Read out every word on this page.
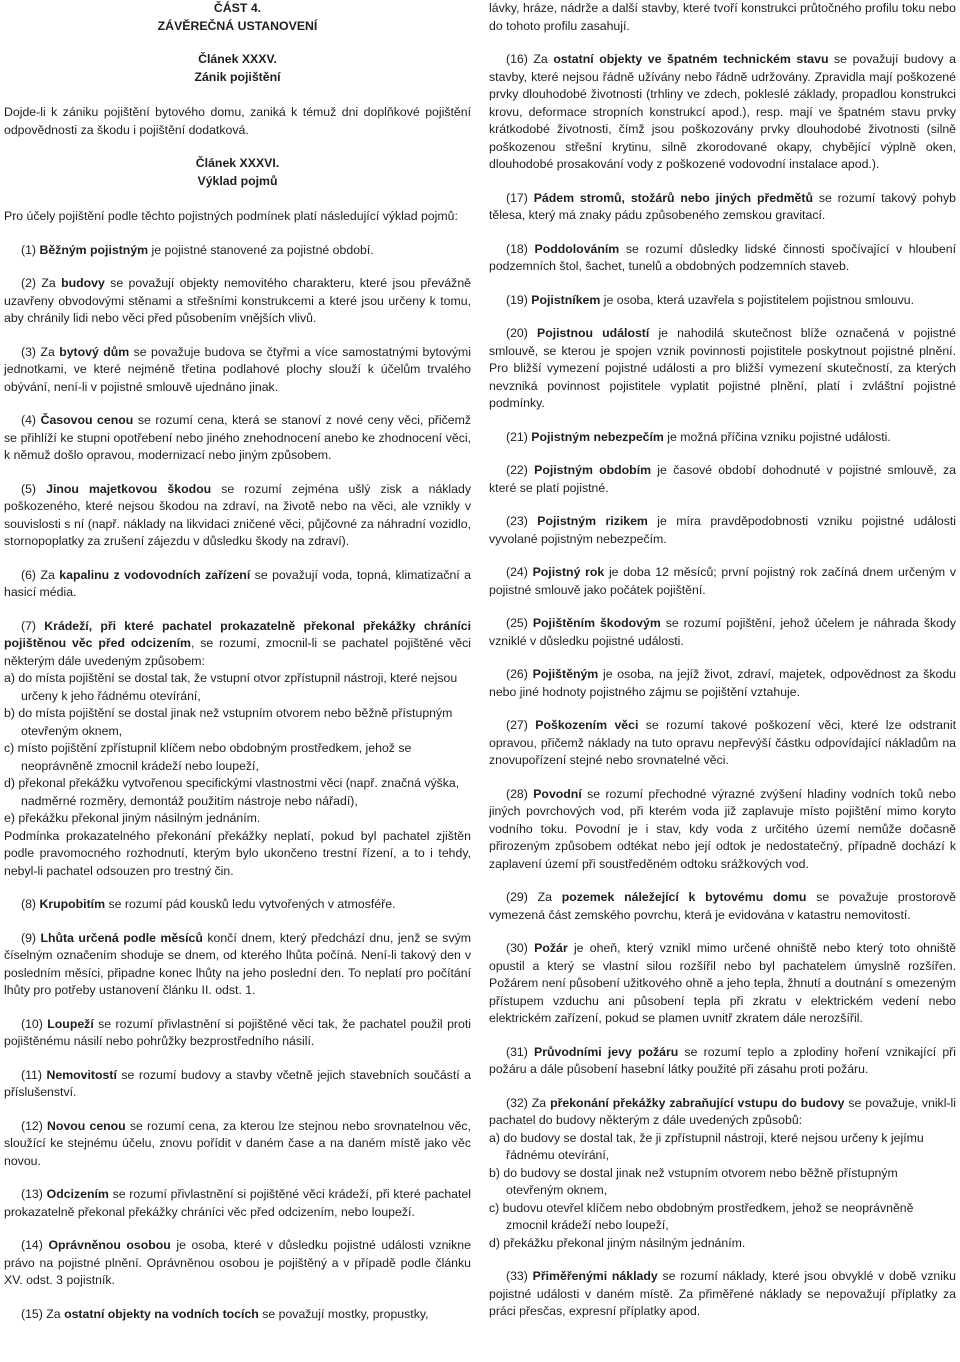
ČÁST 4.

ZÁVĚREČNÁ USTANOVENÍ

Článek XXXV.

Zánik pojištění

Dojde-li k zániku pojištění bytového domu, zaniká k témuž dni doplňkové pojištění odpovědnosti za škodu i pojištění dodatková.

Článek XXXVI.

Výklad pojmů

Pro účely pojištění podle těchto pojistných podmínek platí následující výklad pojmů:

(1) Běžným pojistným je pojistné stanovené za pojistné období.

(2) Za budovy se považují objekty nemovitého charakteru, které jsou převážně uzavřeny obvodovými stěnami a střešními konstrukcemi a které jsou určeny k tomu, aby chránily lidi nebo věci před působením vnějších vlivů.

(3) Za bytový dům se považuje budova se čtyřmi a více samostatnými bytovými jednotkami, ve které nejméně třetina podlahové plochy slouží k účelům trvalého obývání, není-li v pojistné smlouvě ujednáno jinak.

(4) Časovou cenou se rozumí cena, která se stanoví z nové ceny věci, přičemž se přihlíží ke stupni opotřebení nebo jiného znehodnocení anebo ke zhodnocení věci, k němuž došlo opravou, modernizací nebo jiným způsobem.

(5) Jinou majetkovou škodou se rozumí zejména ušlý zisk a náklady poškozeného, které nejsou škodou na zdraví, na životě nebo na věci, ale vznikly v souvislosti s ní (např. náklady na likvidaci zničené věci, půjčovné za náhradní vozidlo, stornopoplatky za zrušení zájezdu v důsledku škody na zdraví).

(6) Za kapalinu z vodovodních zařízení se považují voda, topná, klimatizační a hasicí média.

(7) Krádeží, při které pachatel prokazatelně překonal překážky chráníci pojištěnou věc před odcizením, se rozumí, zmocnil-li se pachatel pojištěné věci některým dále uvedeným způsobem:

a) do místa pojištění se dostal tak, že vstupní otvor zpřístupnil nástroji, které nejsou určeny k jeho řádnému otevírání,

b) do místa pojištění se dostal jinak než vstupním otvorem nebo běžně přístupným otevřeným oknem,

c) místo pojištění zpřístupnil klíčem nebo obdobným prostředkem, jehož se neoprávněně zmocnil krádeží nebo loupeží,

d) překonal překážku vytvořenou specifickými vlastnostmi věci (např. značná výška, nadměrné rozměry, demontáž použitím nástroje nebo nářadí),

e) překážku překonal jiným násilným jednáním.

Podmínka prokazatelného překonání překážky neplatí, pokud byl pachatel zjištěn podle pravomocného rozhodnutí, kterým bylo ukončeno trestní řízení, a to i tehdy, nebyl-li pachatel odsouzen pro trestný čin.

(8) Krupobitím se rozumí pád kousků ledu vytvořených v atmosféře.

(9) Lhůta určená podle měsíců končí dnem, který předchází dnu, jenž se svým číselným označením shoduje se dnem, od kterého lhůta počíná. Není-li takový den v posledním měsíci, připadne konec lhůty na jeho poslední den. To neplatí pro počítání lhůty pro potřeby ustanovení článku II. odst. 1.

(10) Loupeží se rozumí přivlastnění si pojištěné věci tak, že pachatel použil proti pojištěnému násilí nebo pohrůžky bezprostředního násilí.

(11) Nemovitostí se rozumí budovy a stavby včetně jejich stavebních součástí a příslušenství.

(12) Novou cenou se rozumí cena, za kterou lze stejnou nebo srovnatelnou věc, sloužící ke stejnému účelu, znovu pořídit v daném čase a na daném místě jako věc novou.

(13) Odcizením se rozumí přivlastnění si pojištěné věci krádeží, při které pachatel prokazatelně překonal překážky chráníci věc před odcizením, nebo loupeží.

(14) Oprávněnou osobou je osoba, které v důsledku pojistné události vznikne právo na pojistné plnění. Oprávněnou osobou je pojištěný a v případě podle článku XV. odst. 3 pojistník.

(15) Za ostatní objekty na vodních tocích se považují mostky, propustky,

lávky, hráze, nádrže a další stavby, které tvoří konstrukci průtočného profilu toku nebo do tohoto profilu zasahují.

(16) Za ostatní objekty ve špatném technickém stavu se považují budovy a stavby, které nejsou řádně užívány nebo řádně udržovány. Zpravidla mají poškozené prvky dlouhodobé životnosti (trhliny ve zdech, pokleslé základy, propadlou konstrukci krovu, deformace stropních konstrukcí apod.), resp. mají ve špatném stavu prvky krátkodobé životnosti, čímž jsou poškozovány prvky dlouhodobé životnosti (silně poškozenou střešní krytinu, silně zkorodované okapy, chybějící výplně oken, dlouhodobé prosakování vody z poškozené vodovodní instalace apod.).

(17) Pádem stromů, stožárů nebo jiných předmětů se rozumí takový pohyb tělesa, který má znaky pádu způsobeného zemskou gravitací.

(18) Poddolováním se rozumí důsledky lidské činnosti spočívající v hloubení podzemních štol, šachet, tunelů a obdobných podzemních staveb.

(19) Pojistníkem je osoba, která uzavřela s pojistitelem pojistnou smlouvu.

(20) Pojistnou událostí je nahodilá skutečnost blíže označená v pojistné smlouvě, se kterou je spojen vznik povinnosti pojistitele poskytnout pojistné plnění. Pro bližší vymezení pojistné události a pro bližší vymezení skutečností, za kterých nevzniká povinnost pojistitele vyplatit pojistné plnění, platí i zvláštní pojistné podmínky.

(21) Pojistným nebezpečím je možná příčina vzniku pojistné události.

(22) Pojistným obdobím je časové období dohodnuté v pojistné smlouvě, za které se platí pojistné.

(23) Pojistným rizikem je míra pravděpodobnosti vzniku pojistné události vyvolané pojistným nebezpečím.

(24) Pojistný rok je doba 12 měsíců; první pojistný rok začíná dnem určeným v pojistné smlouvě jako počátek pojištění.

(25) Pojištěním škodovým se rozumí pojištění, jehož účelem je náhrada škody vzniklé v důsledku pojistné události.

(26) Pojištěným je osoba, na jejíž život, zdraví, majetek, odpovědnost za škodu nebo jiné hodnoty pojistného zájmu se pojištění vztahuje.

(27) Poškozením věci se rozumí takové poškození věci, které lze odstranit opravou, přičemž náklady na tuto opravu nepřevýší částku odpovídající nákladům na znovupořízení stejné nebo srovnatelné věci.

(28) Povodní se rozumí přechodné výrazné zvýšení hladiny vodních toků nebo jiných povrchových vod, při kterém voda již zaplavuje místo pojištění mimo koryto vodního toku. Povodní je i stav, kdy voda z určitého území nemůže dočasně přirozeným způsobem odtékat nebo její odtok je nedostatečný, případně dochází k zaplavení území při soustředěném odtoku srážkových vod.

(29) Za pozemek náležející k bytovému domu se považuje prostorově vymezená část zemského povrchu, která je evidována v katastru nemovitostí.

(30) Požár je oheň, který vznikl mimo určené ohniště nebo který toto ohniště opustil a který se vlastní silou rozšířil nebo byl pachatelem úmyslně rozšířen. Požárem není působení užitkového ohně a jeho tepla, žhnutí a doutnání s omezeným přístupem vzduchu ani působení tepla při zkratu v elektrickém vedení nebo elektrickém zařízení, pokud se plamen uvnitř zkratem dále nerozšířil.

(31) Průvodními jevy požáru se rozumí teplo a zplodiny hoření vznikající při požáru a dále působení hasební látky použité při zásahu proti požáru.

(32) Za překonání překážky zabraňující vstupu do budovy se považuje, vnikl-li pachatel do budovy některým z dále uvedených způsobů:

a) do budovy se dostal tak, že ji zpřístupnil nástroji, které nejsou určeny k jejímu řádnému otevírání,

b) do budovy se dostal jinak než vstupním otvorem nebo běžně přístupným otevřeným oknem,

c) budovu otevřel klíčem nebo obdobným prostředkem, jehož se neoprávněně zmocnil krádeží nebo loupeží,

d) překážku překonal jiným násilným jednáním.

(33) Přiměřenými náklady se rozumí náklady, které jsou obvyklé v době vzniku pojistné události v daném místě. Za přiměřené náklady se nepovažují příplatky za práci přesčas, expresní příplatky apod.
